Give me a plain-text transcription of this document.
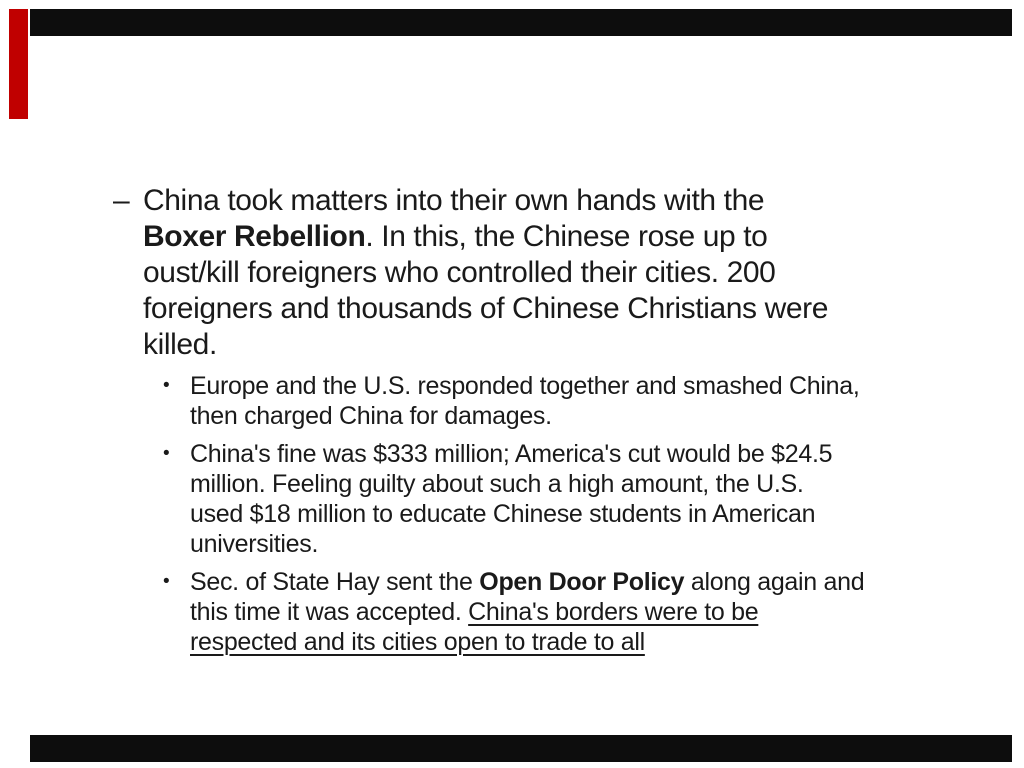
– China took matters into their own hands with the
Boxer Rebellion. In this, the Chinese rose up to
oust/kill foreigners who controlled their cities. 200
foreigners and thousands of Chinese Christians were
killed.
• Europe and the U.S. responded together and smashed China,
then charged China for damages.
• China's fine was $333 million; America's cut would be $24.5
million. Feeling guilty about such a high amount, the U.S.
used $18 million to educate Chinese students in American
universities.
• Sec. of State Hay sent the Open Door Policy along again and
this time it was accepted. China's borders were to be
respected and its cities open to trade to all
